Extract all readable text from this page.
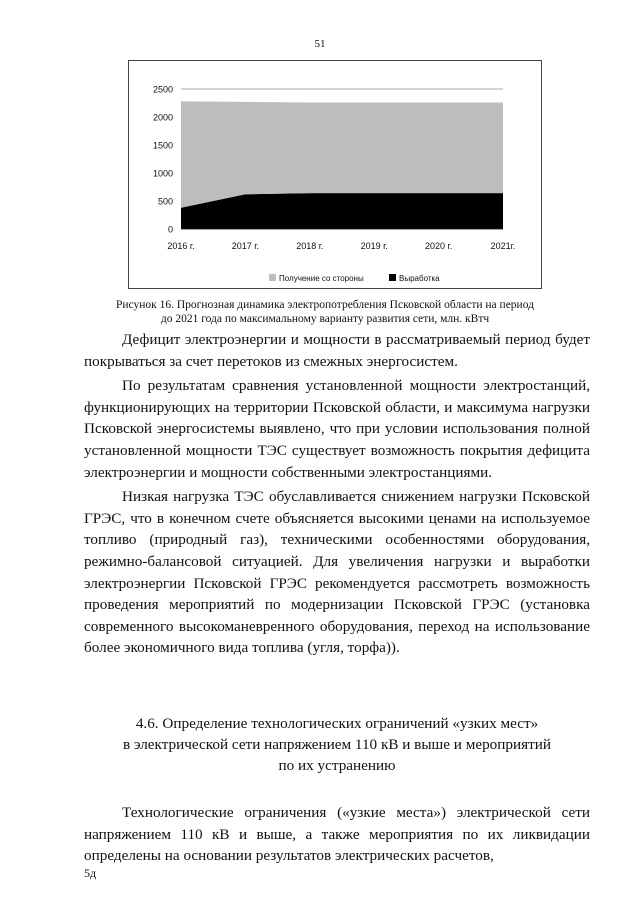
51
0
500
1000
1500
2000
2500
2016 г.	2017 г.	2018 г.	2019 г.	2020 г.	2021г.
Получение со стороны	Выработка
Рисунок 16. Прогнозная динамика электропотребления Псковской области на период
до 2021 года по максимальному варианту развития сети, млн. кВтч

Дефицит электроэнергии и мощности в рассматриваемый период будет покрываться за счет перетоков из смежных энергосистем.

По результатам сравнения установленной мощности электростанций, функционирующих на территории Псковской области, и максимума нагрузки Псковской энергосистемы выявлено, что при условии использования полной установленной мощности ТЭС существует возможность покрытия дефицита электроэнергии и мощности собственными электростанциями.

Низкая нагрузка ТЭС обуславливается снижением нагрузки Псковской ГРЭС, что в конечном счете объясняется высокими ценами на используемое топливо (природный газ), техническими особенностями оборудования, режимно-балансовой ситуацией. Для увеличения нагрузки и выработки электроэнергии Псковской ГРЭС рекомендуется рассмотреть возможность проведения мероприятий по модернизации Псковской ГРЭС (установка современного высокоманевренного оборудования, переход на использование более экономичного вида топлива (угля, торфа)).

4.6. Определение технологических ограничений «узких мест»
в электрической сети напряжением 110 кВ и выше и мероприятий
по их устранению

Технологические ограничения («узкие места») электрической сети напряжением 110 кВ и выше, а также мероприятия по их ликвидации определены на основании результатов электрических расчетов,

5д
